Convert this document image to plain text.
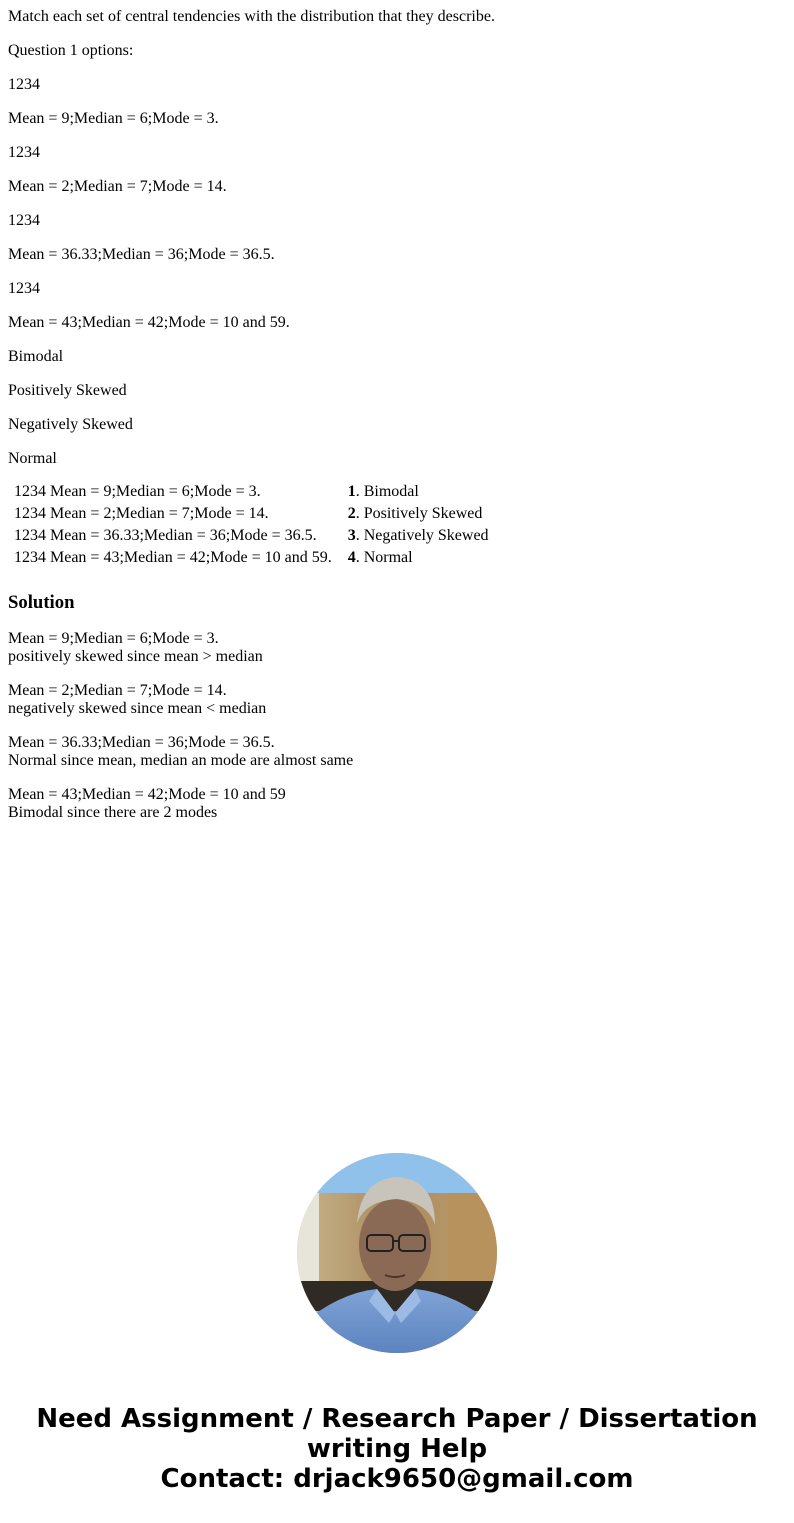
Match each set of central tendencies with the distribution that they describe.

Question 1 options:

1234

Mean = 9;Median = 6;Mode = 3.

1234

Mean = 2;Median = 7;Mode = 14.

1234

Mean = 36.33;Median = 36;Mode = 36.5.

1234

Mean = 43;Median = 42;Mode = 10 and 59.

Bimodal

Positively Skewed

Negatively Skewed

Normal

1234 Mean = 9;Median = 6;Mode = 3.	1. Bimodal
1234 Mean = 2;Median = 7;Mode = 14.	2. Positively Skewed
1234 Mean = 36.33;Median = 36;Mode = 36.5.	3. Negatively Skewed
1234 Mean = 43;Median = 42;Mode = 10 and 59.	4. Normal
Solution

Mean = 9;Median = 6;Mode = 3.
positively skewed since mean > median

Mean = 2;Median = 7;Mode = 14.
negatively skewed since mean < median

Mean = 36.33;Median = 36;Mode = 36.5.
Normal since mean, median an mode are almost same

Mean = 43;Median = 42;Mode = 10 and 59
Bimodal since there are 2 modes

Need Assignment / Research Paper / Dissertation
writing Help
Contact: drjack9650@gmail.com
